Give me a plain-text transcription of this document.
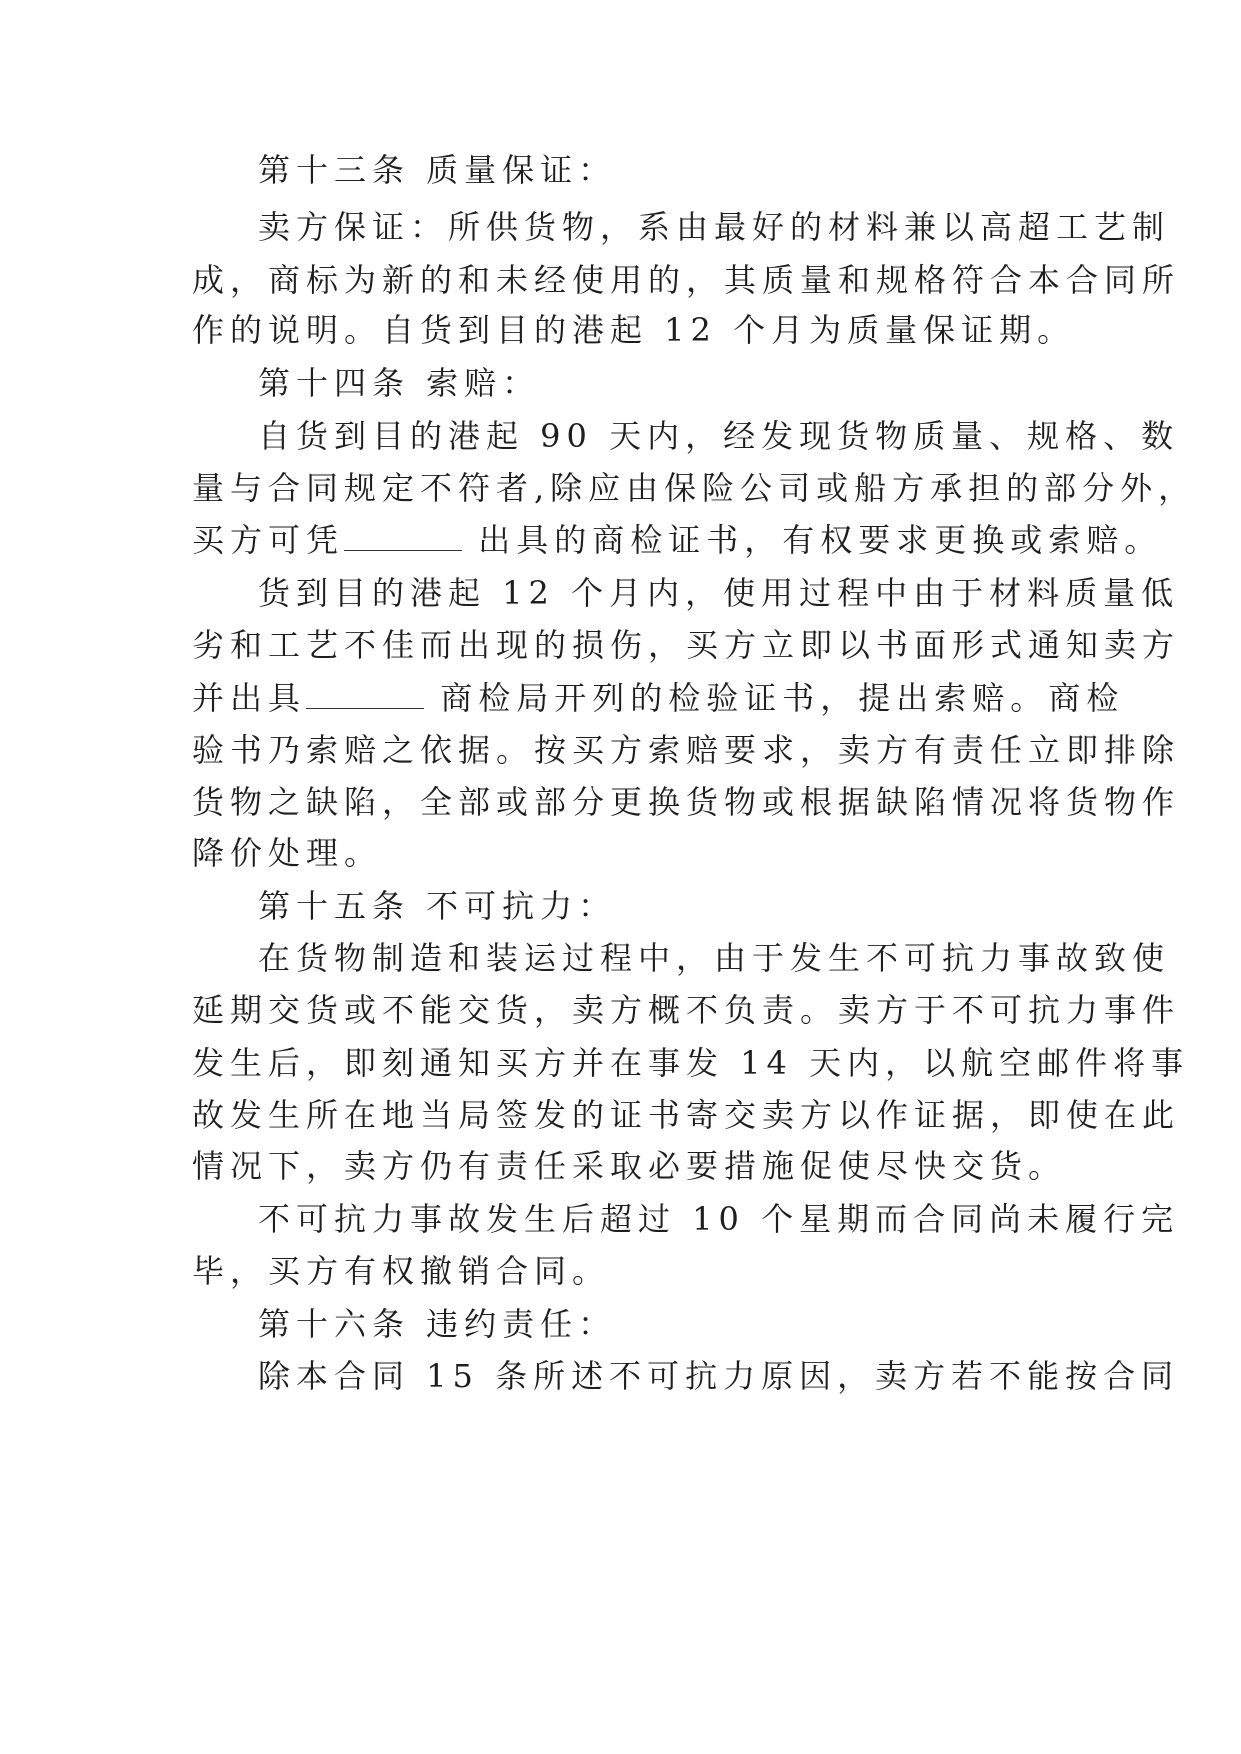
第十三条 质量保证：

卖方保证：所供货物，系由最好的材料兼以高超工艺制

成，商标为新的和未经使用的，其质量和规格符合本合同所

作的说明。自货到目的港起 12 个月为质量保证期。

第十四条 索赔：

自货到目的港起 90 天内，经发现货物质量、规格、数

量与合同规定不符者,除应由保险公司或船方承担的部分外，

买方可凭	出具的商检证书，有权要求更换或索赔。

货到目的港起 12 个月内，使用过程中由于材料质量低

劣和工艺不佳而出现的损伤，买方立即以书面形式通知卖方

并出具	商检局开列的检验证书，提出索赔。商检

验书乃索赔之依据。按买方索赔要求，卖方有责任立即排除

货物之缺陷，全部或部分更换货物或根据缺陷情况将货物作

降价处理。

第十五条 不可抗力：

在货物制造和装运过程中，由于发生不可抗力事故致使

延期交货或不能交货，卖方概不负责。卖方于不可抗力事件

发生后，即刻通知买方并在事发 14 天内，以航空邮件将事

故发生所在地当局签发的证书寄交卖方以作证据，即使在此

情况下，卖方仍有责任采取必要措施促使尽快交货。

不可抗力事故发生后超过 10 个星期而合同尚未履行完

毕，买方有权撤销合同。

第十六条 违约责任：

除本合同 15 条所述不可抗力原因，卖方若不能按合同
